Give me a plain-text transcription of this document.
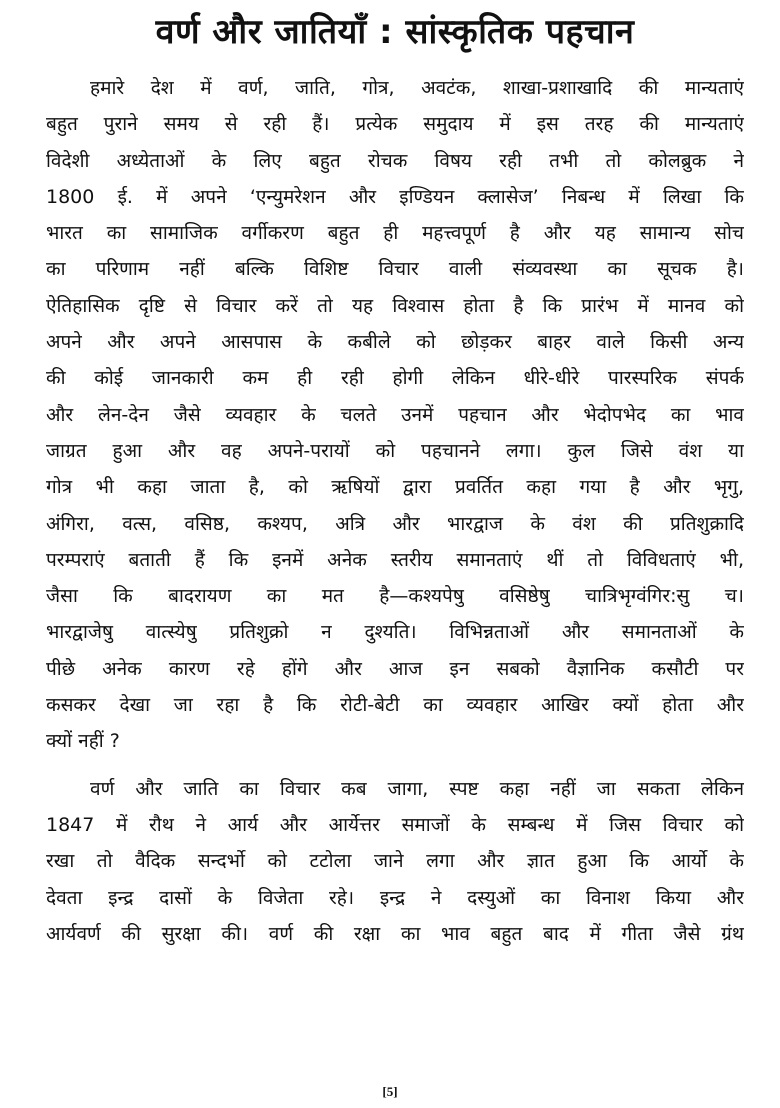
वर्ण और जातियाँ : सांस्कृतिक पहचान
हमारे देश में वर्ण, जाति, गोत्र, अवटंक, शाखा-प्रशाखादि की मान्यताएं
बहुत पुराने समय से रही हैं। प्रत्येक समुदाय में इस तरह की मान्यताएं
विदेशी अध्येताओं के लिए बहुत रोचक विषय रही तभी तो कोलब्रुक ने
1800 ई. में अपने ‘एन्युमरेशन और इण्डियन क्लासेज’ निबन्ध में लिखा कि
भारत का सामाजिक वर्गीकरण बहुत ही महत्त्वपूर्ण है और यह सामान्य सोच
का परिणाम नहीं बल्कि विशिष्ट विचार वाली संव्यवस्था का सूचक है।
ऐतिहासिक दृष्टि से विचार करें तो यह विश्वास होता है कि प्रारंभ में मानव को
अपने और अपने आसपास के कबीले को छोड़कर बाहर वाले किसी अन्य
की कोई जानकारी कम ही रही होगी लेकिन धीरे-धीरे पारस्परिक संपर्क
और लेन-देन जैसे व्यवहार के चलते उनमें पहचान और भेदोपभेद का भाव
जाग्रत हुआ और वह अपने-परायों को पहचानने लगा। कुल जिसे वंश या
गोत्र भी कहा जाता है, को ऋषियों द्वारा प्रवर्तित कहा गया है और भृगु,
अंगिरा, वत्स, वसिष्ठ, कश्यप, अत्रि और भारद्वाज के वंश की प्रतिशुक्रादि
परम्पराएं बताती हैं कि इनमें अनेक स्तरीय समानताएं थीं तो विविधताएं भी,
जैसा कि बादरायण का मत है—कश्यपेषु वसिष्ठेषु चात्रिभृग्वंगिर:सु च।
भारद्वाजेषु वात्स्येषु प्रतिशुक्रो न दुश्यति। विभिन्नताओं और समानताओं के
पीछे अनेक कारण रहे होंगे और आज इन सबको वैज्ञानिक कसौटी पर
कसकर देखा जा रहा है कि रोटी-बेटी का व्यवहार आखिर क्यों होता और
क्यों नहीं ?
वर्ण और जाति का विचार कब जागा, स्पष्ट कहा नहीं जा सकता लेकिन
1847 में रौथ ने आर्य और आर्येत्तर समाजों के सम्बन्ध में जिस विचार को
रखा तो वैदिक सन्दर्भो को टटोला जाने लगा और ज्ञात हुआ कि आर्यो के
देवता इन्द्र दासों के विजेता रहे। इन्द्र ने दस्युओं का विनाश किया और
आर्यवर्ण की सुरक्षा की। वर्ण की रक्षा का भाव बहुत बाद में गीता जैसे ग्रंथ
[5]
